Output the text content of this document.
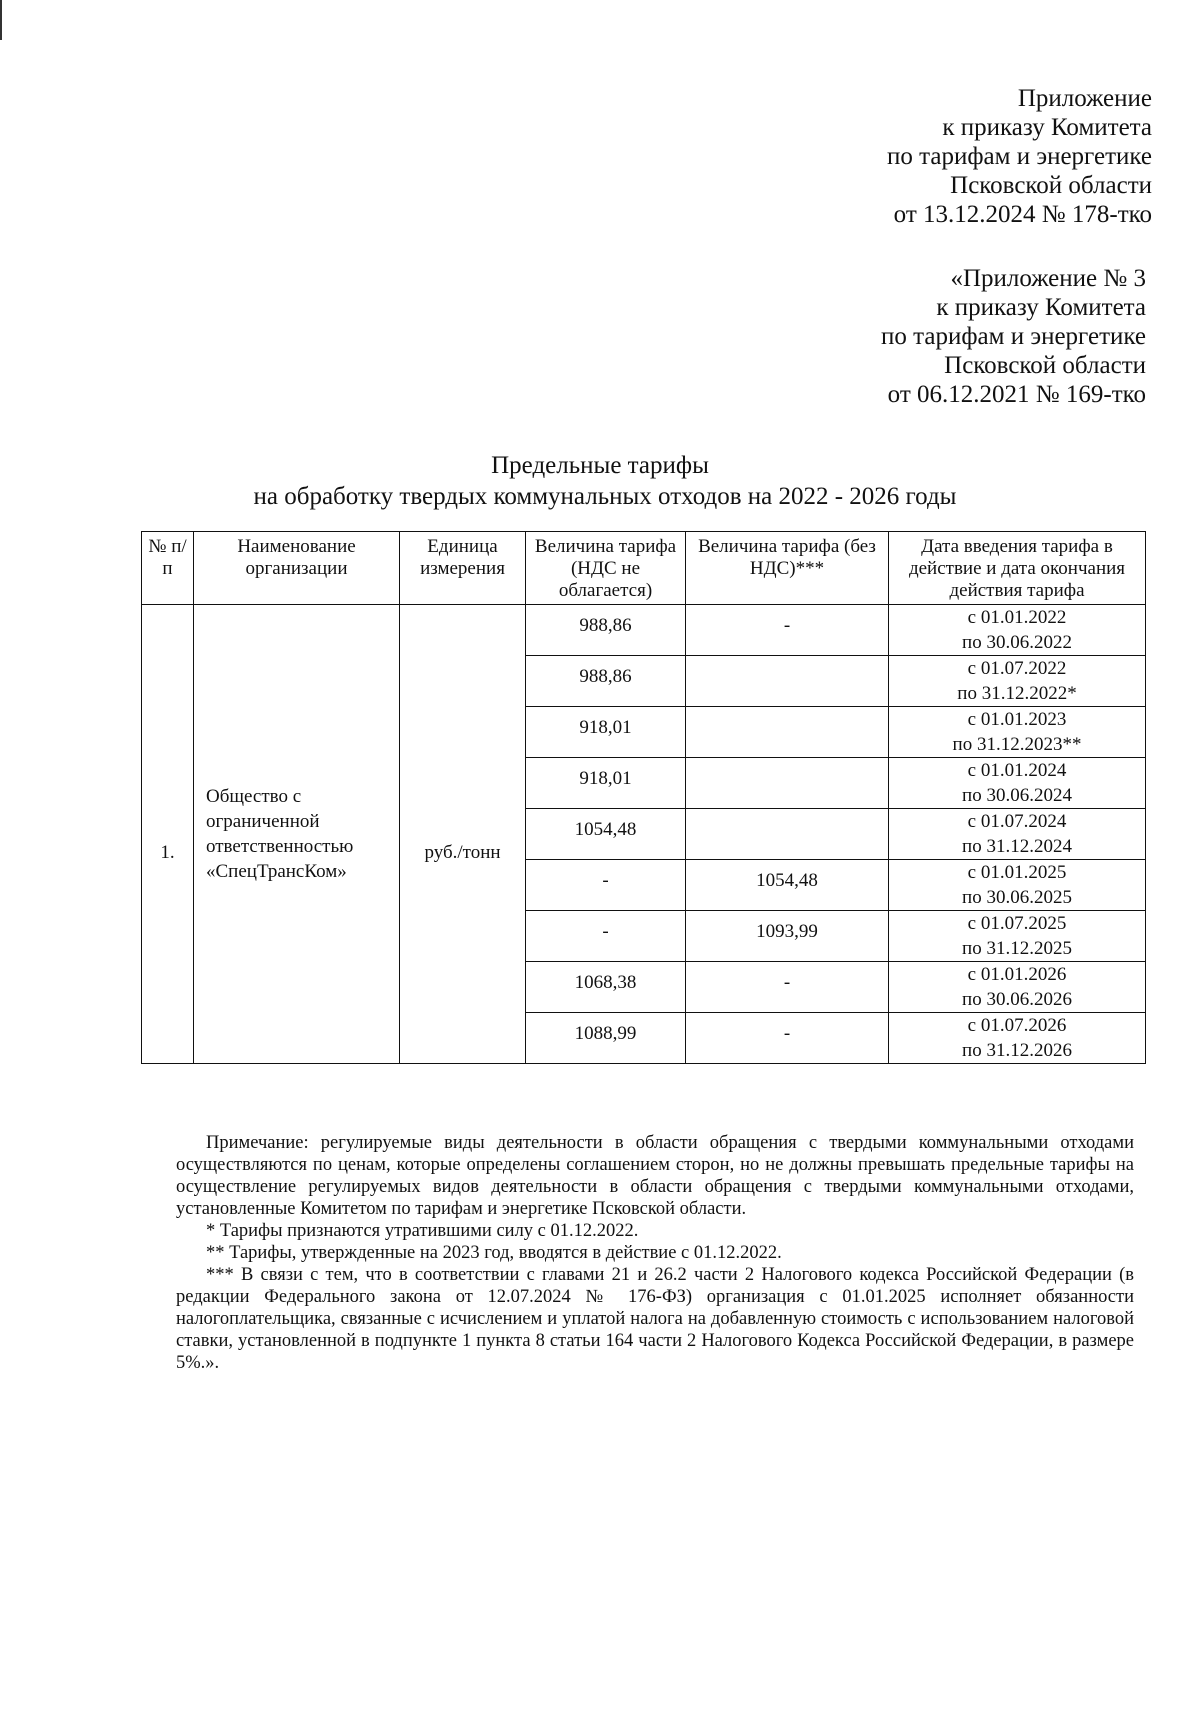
Приложение
к приказу Комитета
по тарифам и энергетике
Псковской области
от 13.12.2024 № 178-тко
«Приложение № 3
к приказу Комитета
по тарифам и энергетике
Псковской области
от 06.12.2021 № 169-тко
Предельные тарифы
на обработку твердых коммунальных отходов на 2022 - 2026 годы
№ п/п	Наименование организации	Единица измерения	Величина тарифа (НДС не облагается)	Величина тарифа (без НДС)***	Дата введения тарифа в действие и дата окончания действия тарифа
1.	Общество с ограниченной ответственностью «СпецТрансКом»	руб./тонн	988,86	-	с 01.01.2022
по 30.06.2022

			988,86		с 01.07.2022
по 31.12.2022*

			918,01		с 01.01.2023
по 31.12.2023**

			918,01		с 01.01.2024
по 30.06.2024

			1054,48		с 01.07.2024
по 31.12.2024

			-	1054,48	с 01.01.2025
по 30.06.2025

			-	1093,99	с 01.07.2025
по 31.12.2025

			1068,38	-	с 01.01.2026
по 30.06.2026

			1088,99	-	с 01.07.2026
по 31.12.2026

Примечание: регулируемые виды деятельности в области обращения с твердыми коммунальными отходами осуществляются по ценам, которые определены соглашением сторон, но не должны превышать предельные тарифы на осуществление регулируемых видов деятельности в области обращения с твердыми коммунальными отходами, установленные Комитетом по тарифам и энергетике Псковской области.

* Тарифы признаются утратившими силу с 01.12.2022.

** Тарифы, утвержденные на 2023 год, вводятся в действие с 01.12.2022.

*** В связи с тем, что в соответствии с главами 21 и 26.2 части 2 Налогового кодекса Российской Федерации (в редакции Федерального закона от 12.07.2024 № 176-ФЗ) организация с 01.01.2025 исполняет обязанности налогоплательщика, связанные с исчислением и уплатой налога на добавленную стоимость с использованием налоговой ставки, установленной в подпункте 1 пункта 8 статьи 164 части 2 Налогового Кодекса Российской Федерации, в размере 5%.».
